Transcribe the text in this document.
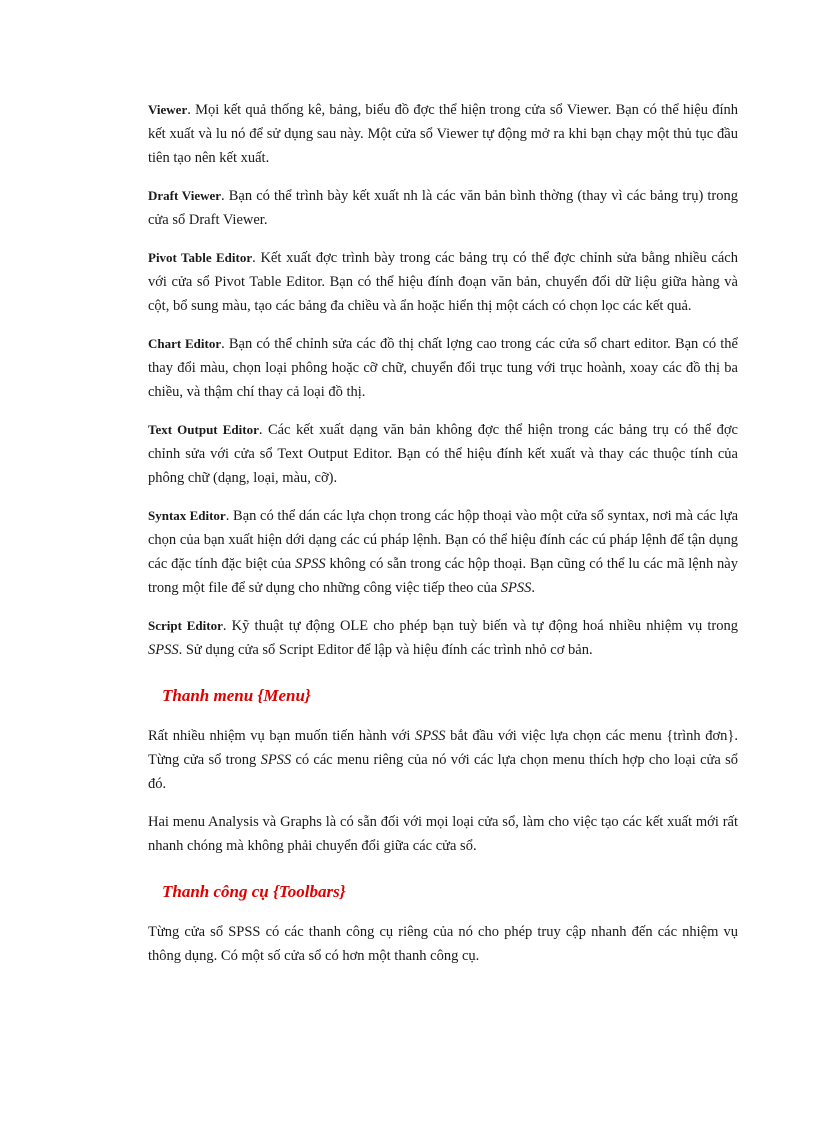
Viewer. Mọi kết quả thống kê, bảng, biểu đồ đợc thể hiện trong cửa sổ Viewer. Bạn có thể hiệu đính kết xuất và lu nó để sử dụng sau này. Một cửa sổ Viewer tự động mở ra khi bạn chạy một thủ tục đầu tiên tạo nên kết xuất.

Draft Viewer. Bạn có thể trình bày kết xuất nh là các văn bản bình thờng (thay vì các bảng trụ) trong cửa sổ Draft Viewer.

Pivot Table Editor. Kết xuất đợc trình bày trong các bảng trụ có thể đợc chỉnh sửa bằng nhiều cách với cửa sổ Pivot Table Editor. Bạn có thể hiệu đính đoạn văn bản, chuyển đổi dữ liệu giữa hàng và cột, bổ sung màu, tạo các bảng đa chiều và ẩn hoặc hiển thị một cách có chọn lọc các kết quả.

Chart Editor. Bạn có thể chỉnh sửa các đồ thị chất lợng cao trong các cửa sổ chart editor. Bạn có thể thay đổi màu, chọn loại phông hoặc cỡ chữ, chuyển đổi trục tung với trục hoành, xoay các đồ thị ba chiều, và thậm chí thay cả loại đồ thị.

Text Output Editor. Các kết xuất dạng văn bản không đợc thể hiện trong các bảng trụ có thể đợc chỉnh sửa với cửa sổ Text Output Editor. Bạn có thể hiệu đính kết xuất và thay các thuộc tính của phông chữ (dạng, loại, màu, cỡ).

Syntax Editor. Bạn có thể dán các lựa chọn trong các hộp thoại vào một cửa sổ syntax, nơi mà các lựa chọn của bạn xuất hiện dới dạng các cú pháp lệnh. Bạn có thể hiệu đính các cú pháp lệnh để tận dụng các đặc tính đặc biệt của SPSS không có sẵn trong các hộp thoại. Bạn cũng có thể lu các mã lệnh này trong một file để sử dụng cho những công việc tiếp theo của SPSS.

Script Editor. Kỹ thuật tự động OLE cho phép bạn tuỳ biến và tự động hoá nhiều nhiệm vụ trong SPSS. Sử dụng cửa sổ Script Editor để lập và hiệu đính các trình nhỏ cơ bản.

Thanh menu {Menu}

Rất nhiều nhiệm vụ bạn muốn tiến hành với SPSS bắt đầu với việc lựa chọn các menu {trình đơn}. Từng cửa sổ trong SPSS có các menu riêng của nó với các lựa chọn menu thích hợp cho loại cửa sổ đó.

Hai menu Analysis và Graphs là có sẵn đối với mọi loại cửa sổ, làm cho việc tạo các kết xuất mới rất nhanh chóng mà không phải chuyển đổi giữa các cửa sổ.

Thanh công cụ {Toolbars}

Từng cửa sổ SPSS có các thanh công cụ riêng của nó cho phép truy cập nhanh đến các nhiệm vụ thông dụng. Có một số cửa sổ có hơn một thanh công cụ.
